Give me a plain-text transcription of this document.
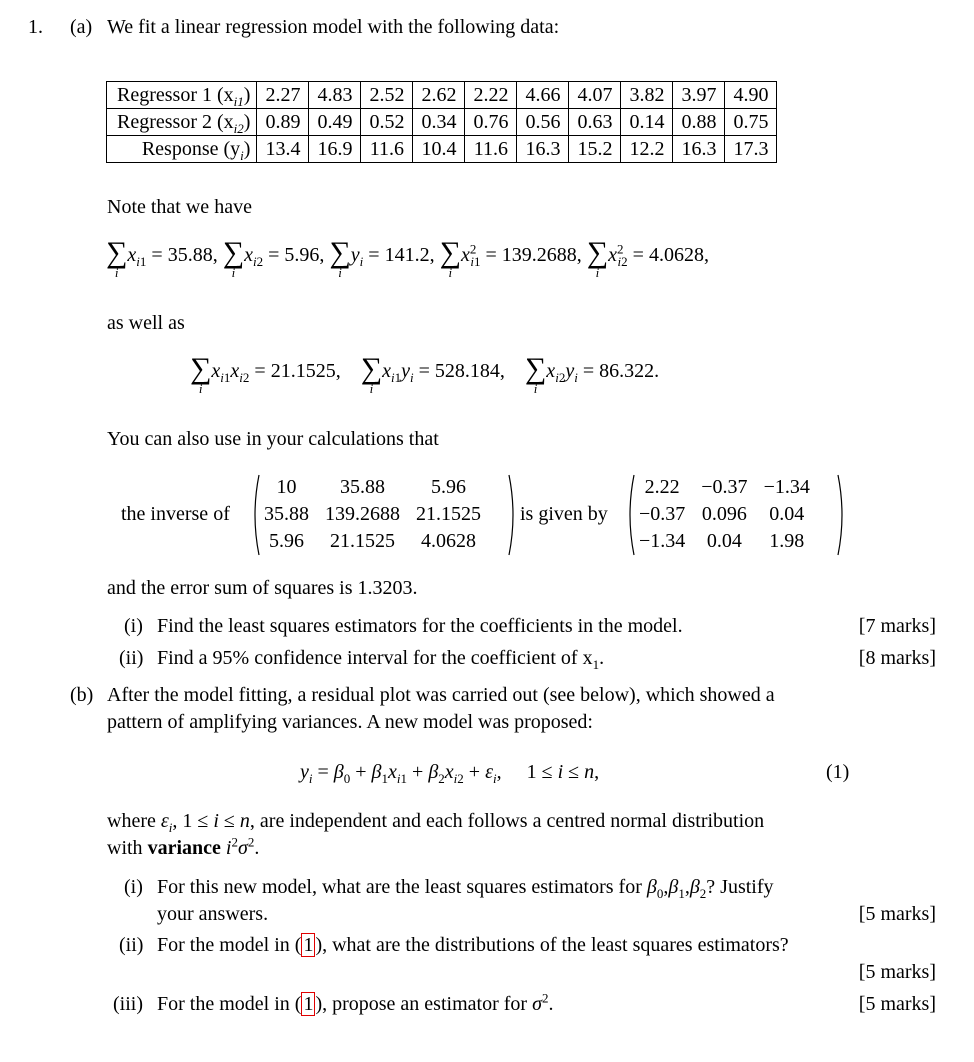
1. (a) We fit a linear regression model with the following data:
Regressor 1 $(x_{i1})$	2.27	4.83	2.52	2.62	2.22	4.66	4.07	3.82	3.97	4.90
Regressor 2 $(x_{i2})$	0.89	0.49	0.52	0.34	0.76	0.56	0.63	0.14	0.88	0.75
Response $(y_i)$	13.4	16.9	11.6	10.4	11.6	16.3	15.2	12.2	16.3	17.3
Note that we have
∑
i
$x_{i1} = 35.88$, ∑
i
$x_{i2} = 5.96$, ∑
i
$y_i = 141.2$, ∑
i
$x^2_{i1} = 139.2688$, ∑
i
$x^2_{i2} = 4.0628$,
as well as
∑
i
$x_{i1}x_{i2} = 21.1525$, ∑
i
$x_{i1}y_i = 528.184$, ∑
i
$x_{i2}y_i = 86.322$.
You can also use in your calculations that
the inverse of
10	35.88	5.96
35.88	139.2688	21.1525
5.96	21.1525	4.0628
is given by
2.22	−0.37	−1.34
−0.37	0.096	0.04
−1.34	0.04	1.98
and the error sum of squares is 1.3203.
(i) Find the least squares estimators for the coefficients in the model.	[7 marks]
(ii) Find a 95% confidence interval for the coefficient of $x_1$.	[8 marks]
(b) After the model fitting, a residual plot was carried out (see below), which showed a
pattern of amplifying variances. A new model was proposed:
$y_i = \beta_0 + \beta_1x_{i1} + \beta_2x_{i2} + \varepsilon_i$,     1 ≤ i ≤ n,	(1)
where $\varepsilon_i$, 1 ≤ i ≤ n, are independent and each follows a centred normal distribution
with variance $i^2\sigma^2$.
(i) For this new model, what are the least squares estimators for $\beta_0,\beta_1,\beta_2$? Justify
your answers.	[5 marks]
(ii) For the model in ( 1 ), what are the distributions of the least squares estimators?
[5 marks]
(iii) For the model in ( 1 ), propose an estimator for $\sigma^2$.	[5 marks]
